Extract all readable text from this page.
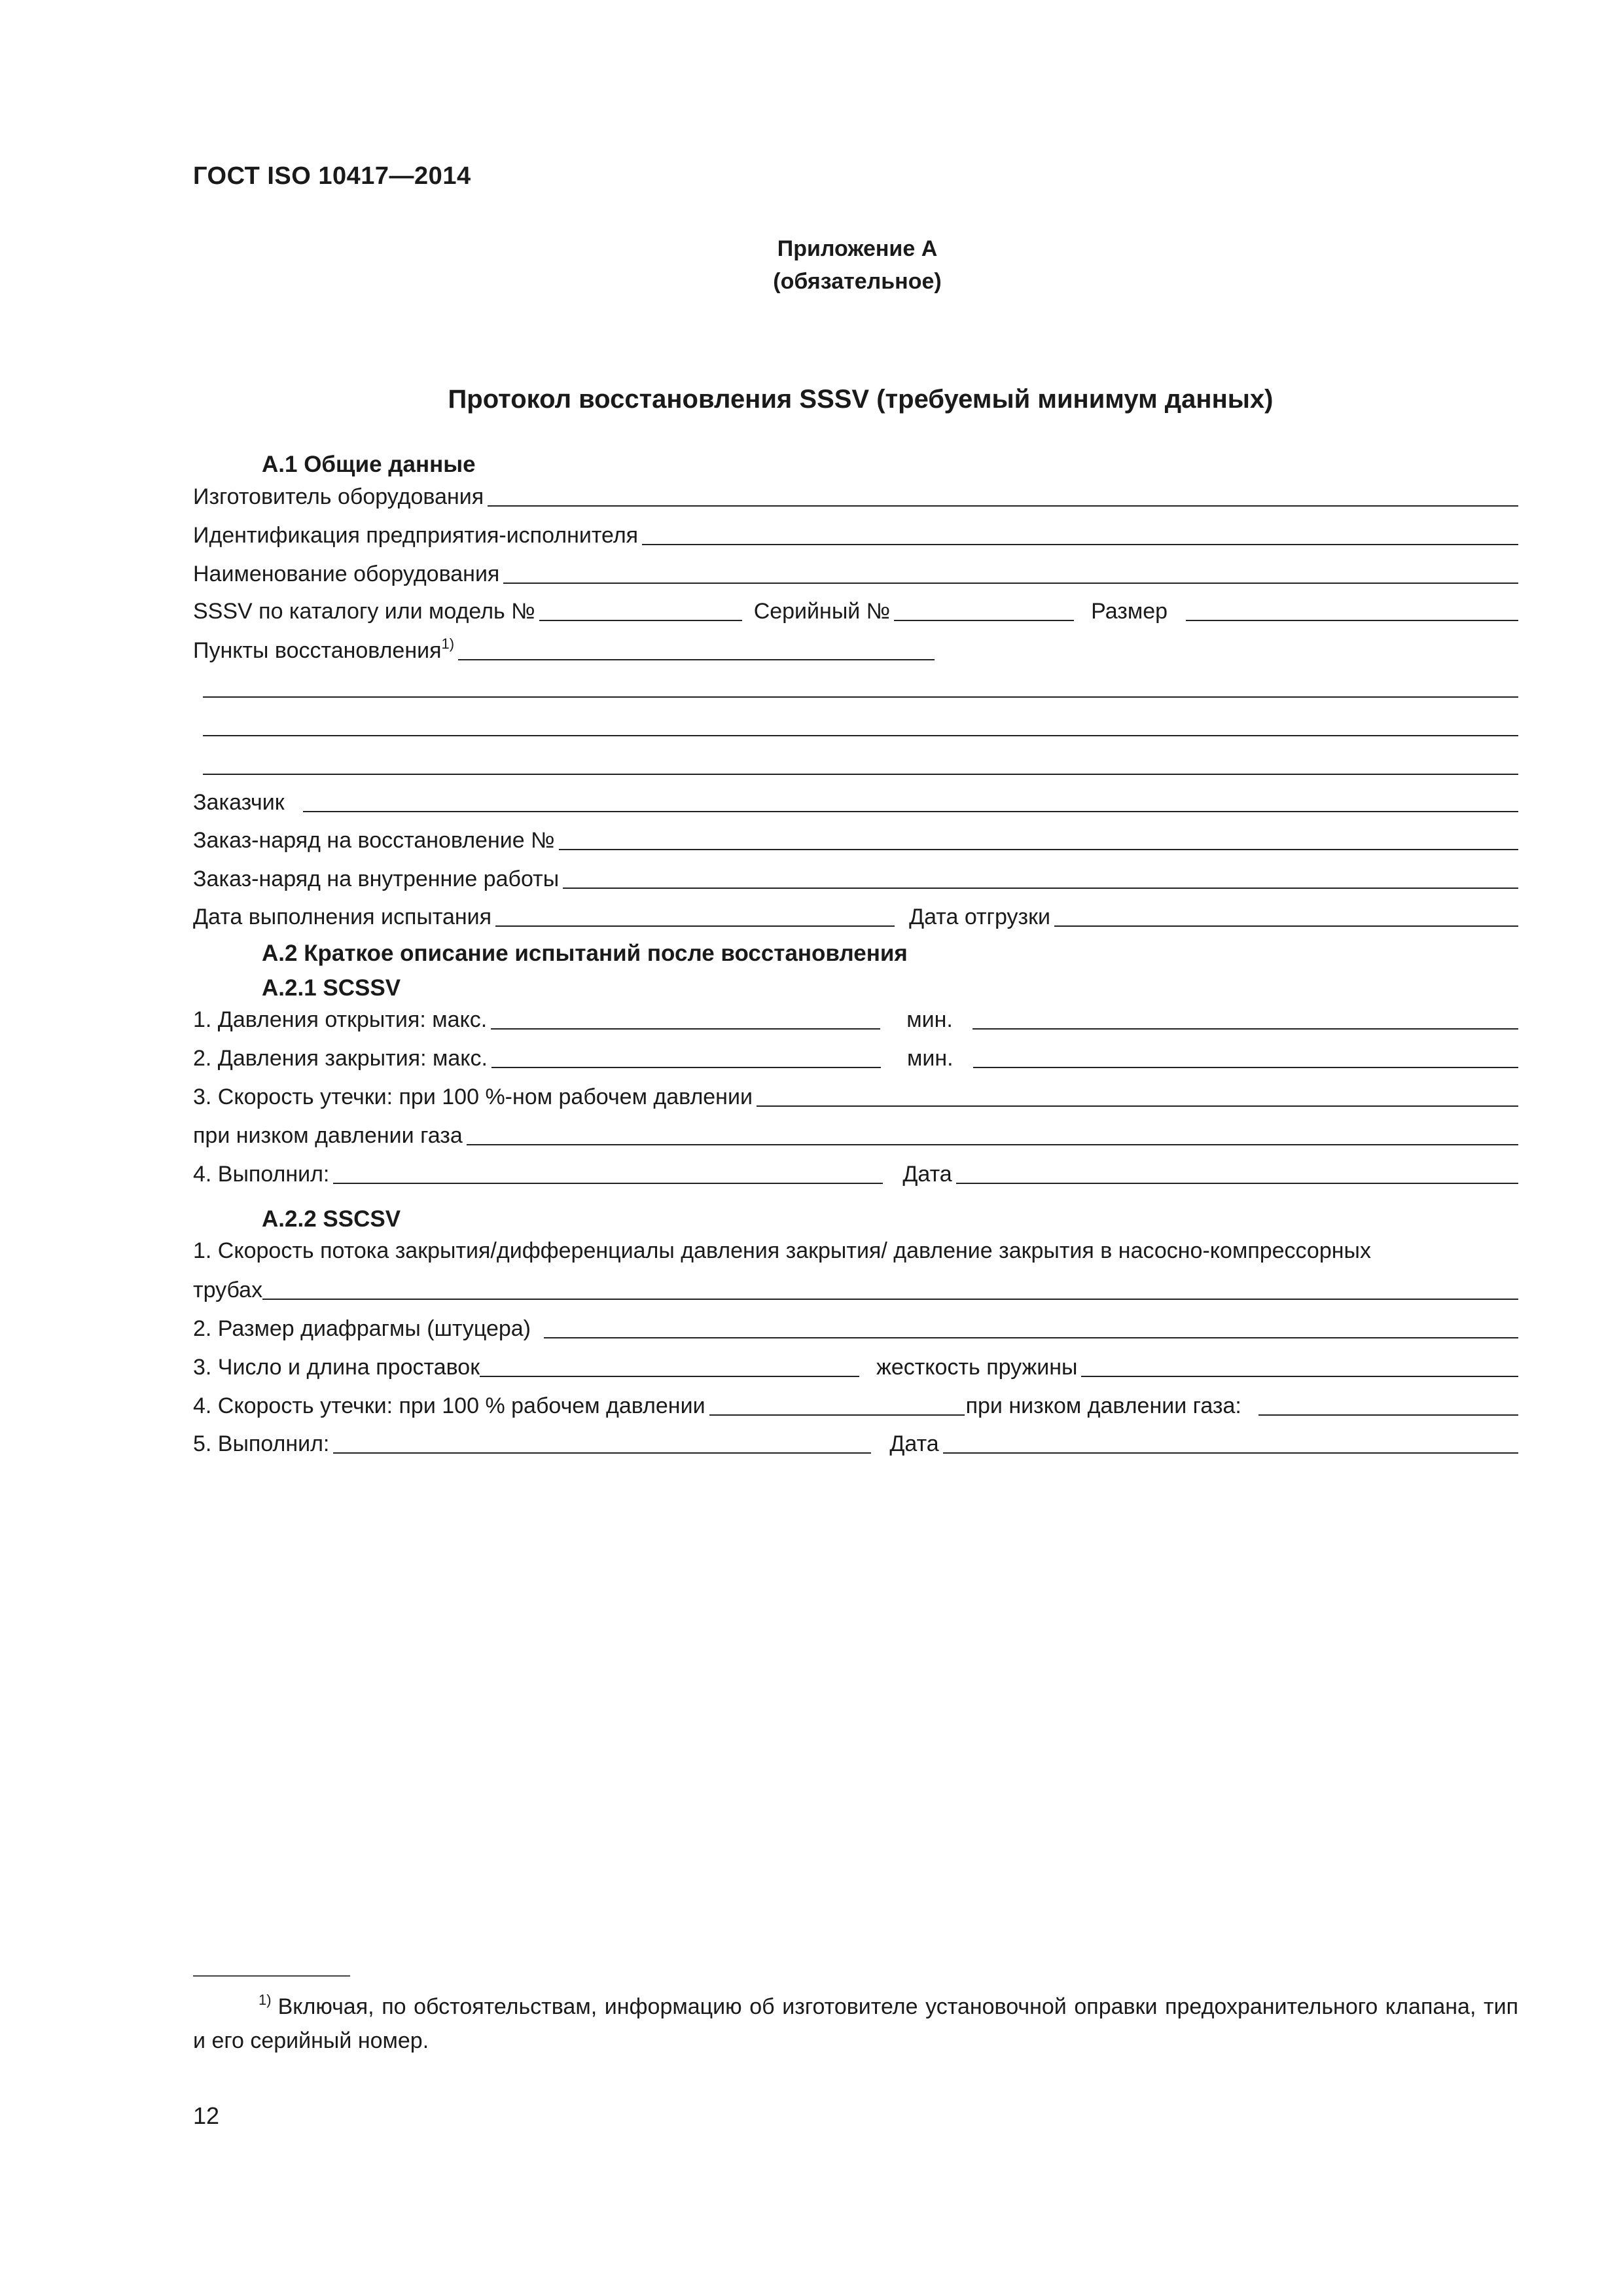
ГОСТ ISO 10417—2014
Приложение А
(обязательное)
Протокол восстановления SSSV (требуемый минимум данных)
А.1 Общие данные
Изготовитель оборудования
Идентификация предприятия-исполнителя
Наименование оборудования
SSSV по каталогу или модель №	Серийный №	Размер
Пункты восстановления$^{1)}$
Заказчик
Заказ-наряд на восстановление №
Заказ-наряд на внутренние работы
Дата выполнения испытания	Дата отгрузки
А.2 Краткое описание испытаний после восстановления
А.2.1 SCSSV
1. Давления открытия: макс.	мин.
2. Давления закрытия: макс.	мин.
3. Скорость утечки: при 100 %-ном рабочем давлении
при низком давлении газа
4. Выполнил:	Дата
А.2.2 SSCSV
1. Скорость потока закрытия/дифференциалы давления закрытия/ давление закрытия в насосно-компрессорных
трубах
2. Размер диафрагмы (штуцера)
3. Число и длина проставок	жесткость пружины
4. Скорость утечки: при 100 % рабочем давлении	при низком давлении газа:
5. Выполнил:	Дата
$^{1)}$ Включая, по обстоятельствам, информацию об изготовителе установочной оправки предохранительного клапана, тип и его серийный номер.
12
